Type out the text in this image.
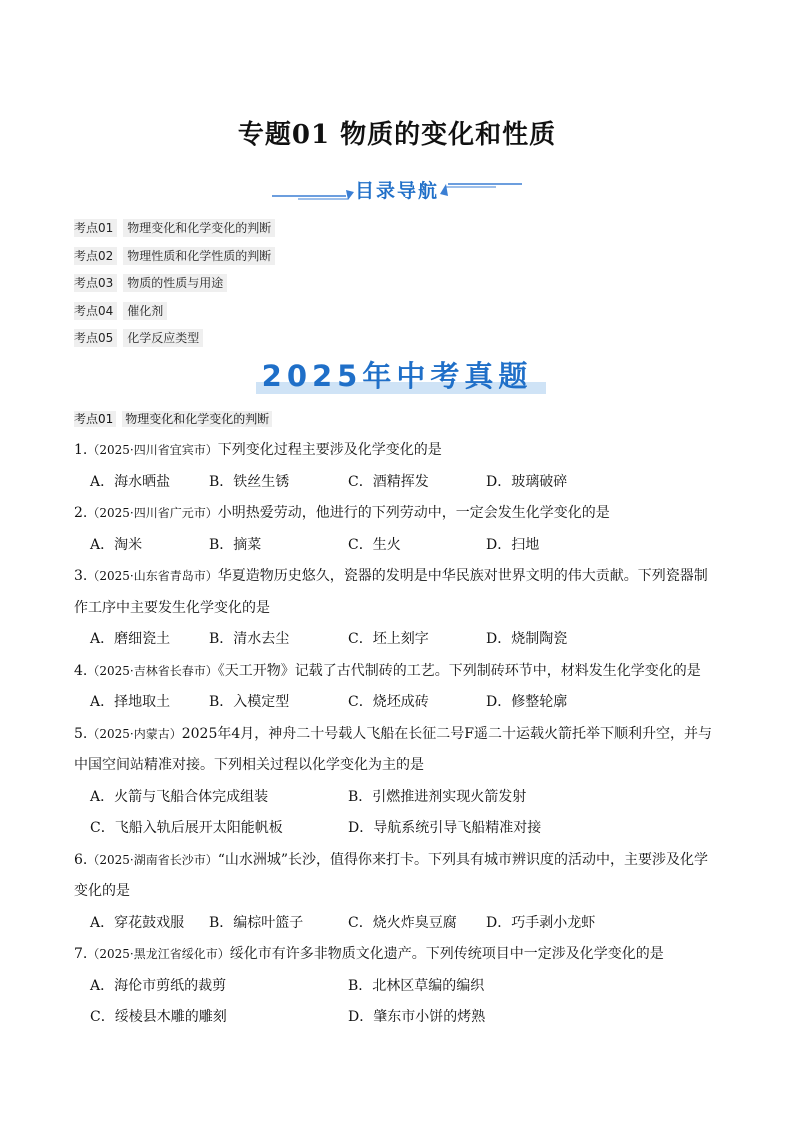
专题01 物质的变化和性质
目录导航
考点01 物理变化和化学变化的判断
考点02 物理性质和化学性质的判断
考点03 物质的性质与用途
考点04 催化剂
考点05 化学反应类型
2025年中考真题
考点01 物理变化和化学变化的判断
1.（2025·四川省宜宾市）下列变化过程主要涉及化学变化的是
A．海水晒盐	B．铁丝生锈	C．酒精挥发	D．玻璃破碎
2.（2025·四川省广元市）小明热爱劳动，他进行的下列劳动中，一定会发生化学变化的是
A．淘米	B．摘菜	C．生火	D．扫地
3.（2025·山东省青岛市）华夏造物历史悠久，瓷器的发明是中华民族对世界文明的伟大贡献。下列瓷器制
作工序中主要发生化学变化的是
A．磨细瓷土	B．清水去尘	C．坯上刻字	D．烧制陶瓷
4.（2025·吉林省长春市）《天工开物》记载了古代制砖的工艺。下列制砖环节中，材料发生化学变化的是
A．择地取土	B．入模定型	C．烧坯成砖	D．修整轮廓
5.（2025·内蒙古）2025年4月，神舟二十号载人飞船在长征二号F遥二十运载火箭托举下顺利升空，并与
中国空间站精准对接。下列相关过程以化学变化为主的是
A．火箭与飞船合体完成组装	B．引燃推进剂实现火箭发射
C．飞船入轨后展开太阳能帆板	D．导航系统引导飞船精准对接
6.（2025·湖南省长沙市）“山水洲城”长沙，值得你来打卡。下列具有城市辨识度的活动中，主要涉及化学
变化的是
A．穿花鼓戏服 B．编棕叶篮子	C．烧火炸臭豆腐 D．巧手剥小龙虾
7.（2025·黑龙江省绥化市）绥化市有许多非物质文化遗产。下列传统项目中一定涉及化学变化的是
A．海伦市剪纸的裁剪	B．北林区草编的编织
C．绥棱县木雕的雕刻	D．肇东市小饼的烤熟
